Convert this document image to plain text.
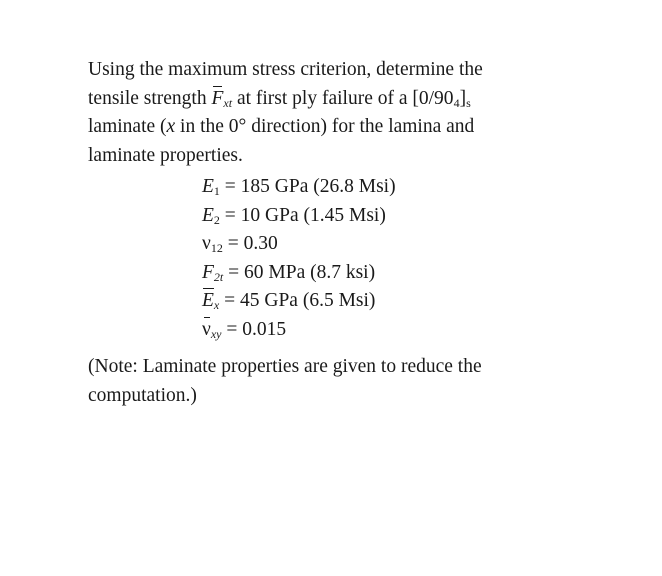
Using the maximum stress criterion, determine the
tensile strength $F_{xt}$ at first ply failure of a $[0/90_4]_s$
laminate (x in the 0° direction) for the lamina and
laminate properties.
$E_1 = 185$ GPa (26.8 Msi)
$E_2 = 10$ GPa (1.45 Msi)
$\nu_{12} = 0.30$
$F_{2t} = 60$ MPa (8.7 ksi)
$E_x = 45$ GPa (6.5 Msi)
$\nu_{xy} = 0.015$
(Note: Laminate properties are given to reduce the
computation.)
